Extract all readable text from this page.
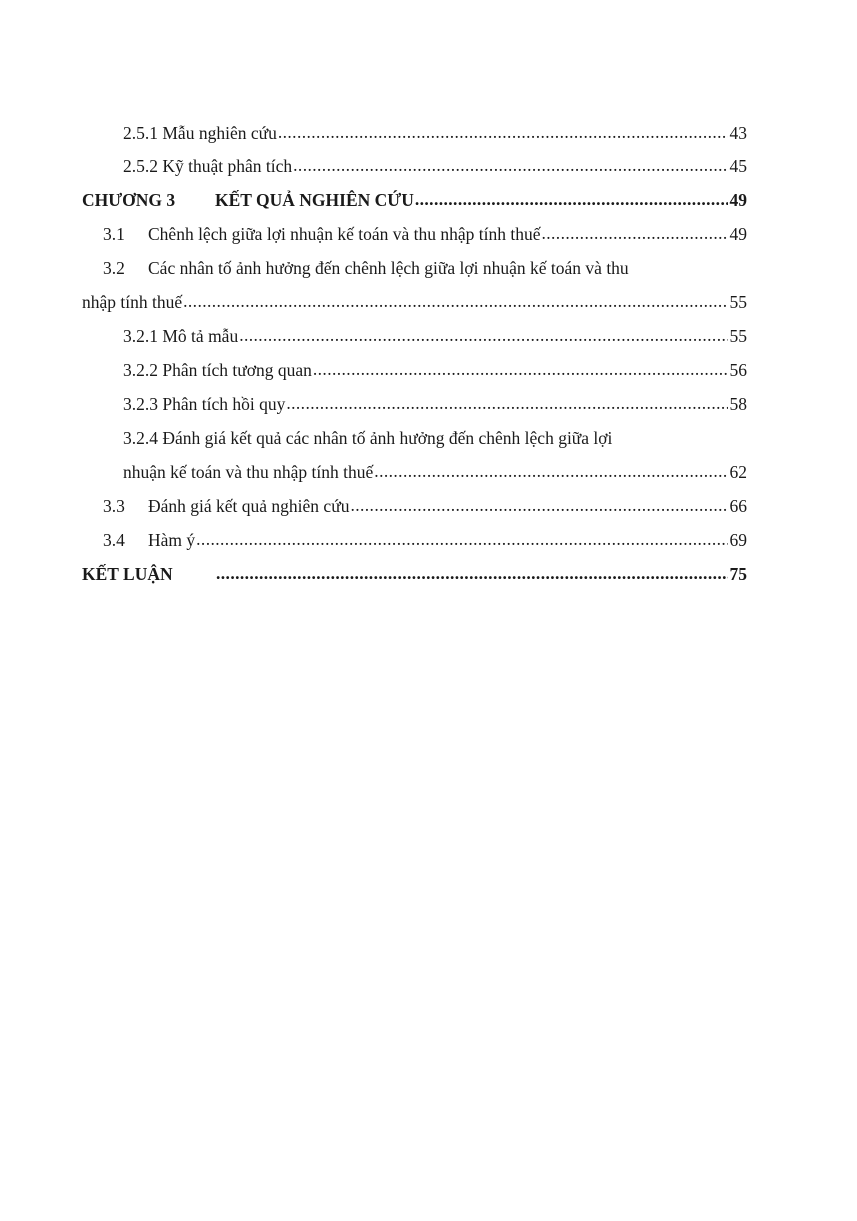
2.5.1 Mẫu nghiên cứu .....	43
2.5.2 Kỹ thuật phân tích .....	45
CHƯƠNG 3	KẾT QUẢ NGHIÊN CỨU .....	49
3.1	Chênh lệch giữa lợi nhuận kế toán và thu nhập tính thuế .....	49
3.2	Các nhân tố ảnh hưởng đến chênh lệch giữa lợi nhuận kế toán và thu
nhập tính thuế .....	55
3.2.1 Mô tả mẫu .....	55
3.2.2 Phân tích tương quan .....	56
3.2.3 Phân tích hồi quy .....	58
3.2.4 Đánh giá kết quả các nhân tố ảnh hưởng đến chênh lệch giữa lợi
nhuận kế toán và thu nhập tính thuế .....	62
3.3	Đánh giá kết quả nghiên cứu .....	66
3.4	Hàm ý .....	69
KẾT LUẬN .....	75
